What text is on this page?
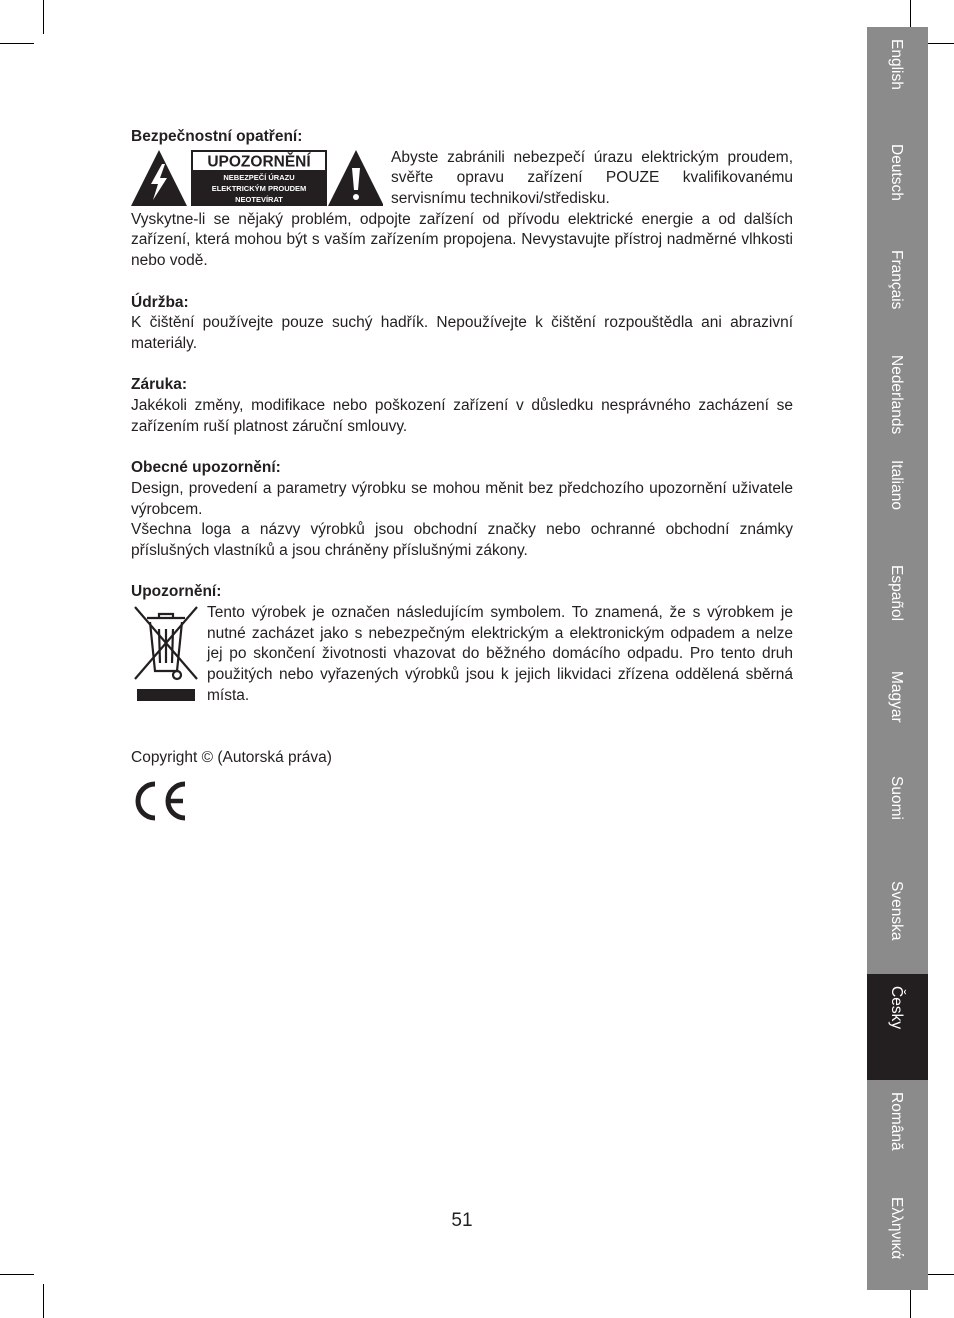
Bezpečnostní opatření:
UPOZORNĚNÍ
NEBEZPEČÍ ÚRAZU
ELEKTRICKÝM PROUDEM
NEOTEVÍRAT

Abyste zabránili nebezpečí úrazu elektrickým proudem, svěřte opravu zařízení POUZE kvalifikovanému servisnímu technikovi/středisku.

Vyskytne-li se nějaký problém, odpojte zařízení od přívodu elektrické energie a od dalších zařízení, která mohou být s vaším zařízením propojena. Nevystavujte přístroj nadměrné vlhkosti nebo vodě.

Údržba:

K čištění používejte pouze suchý hadřík. Nepoužívejte k čištění rozpouštědla ani abrazivní materiály.

Záruka:

Jakékoli změny, modifikace nebo poškození zařízení v důsledku nesprávného zacházení se zařízením ruší platnost záruční smlouvy.

Obecné upozornění:

Design, provedení a parametry výrobku se mohou měnit bez předchozího upozornění uživatele výrobcem.

Všechna loga a názvy výrobků jsou obchodní značky nebo ochranné obchodní známky příslušných vlastníků a jsou chráněny příslušnými zákony.

Upozornění:

Tento výrobek je označen následujícím symbolem. To znamená, že s výrobkem je nutné zacházet jako s nebezpečným elektrickým a elektronickým odpadem a nelze jej po skončení životnosti vhazovat do běžného domácího odpadu. Pro tento druh použitých nebo vyřazených výrobků jsou k jejich likvidaci zřízena oddělená sběrná místa.

Copyright © (Autorská práva)

51
English
Deutsch
Français
Nederlands
Italiano
Español
Magyar
Suomi
Svenska
Česky
Română
Ελληνικά
